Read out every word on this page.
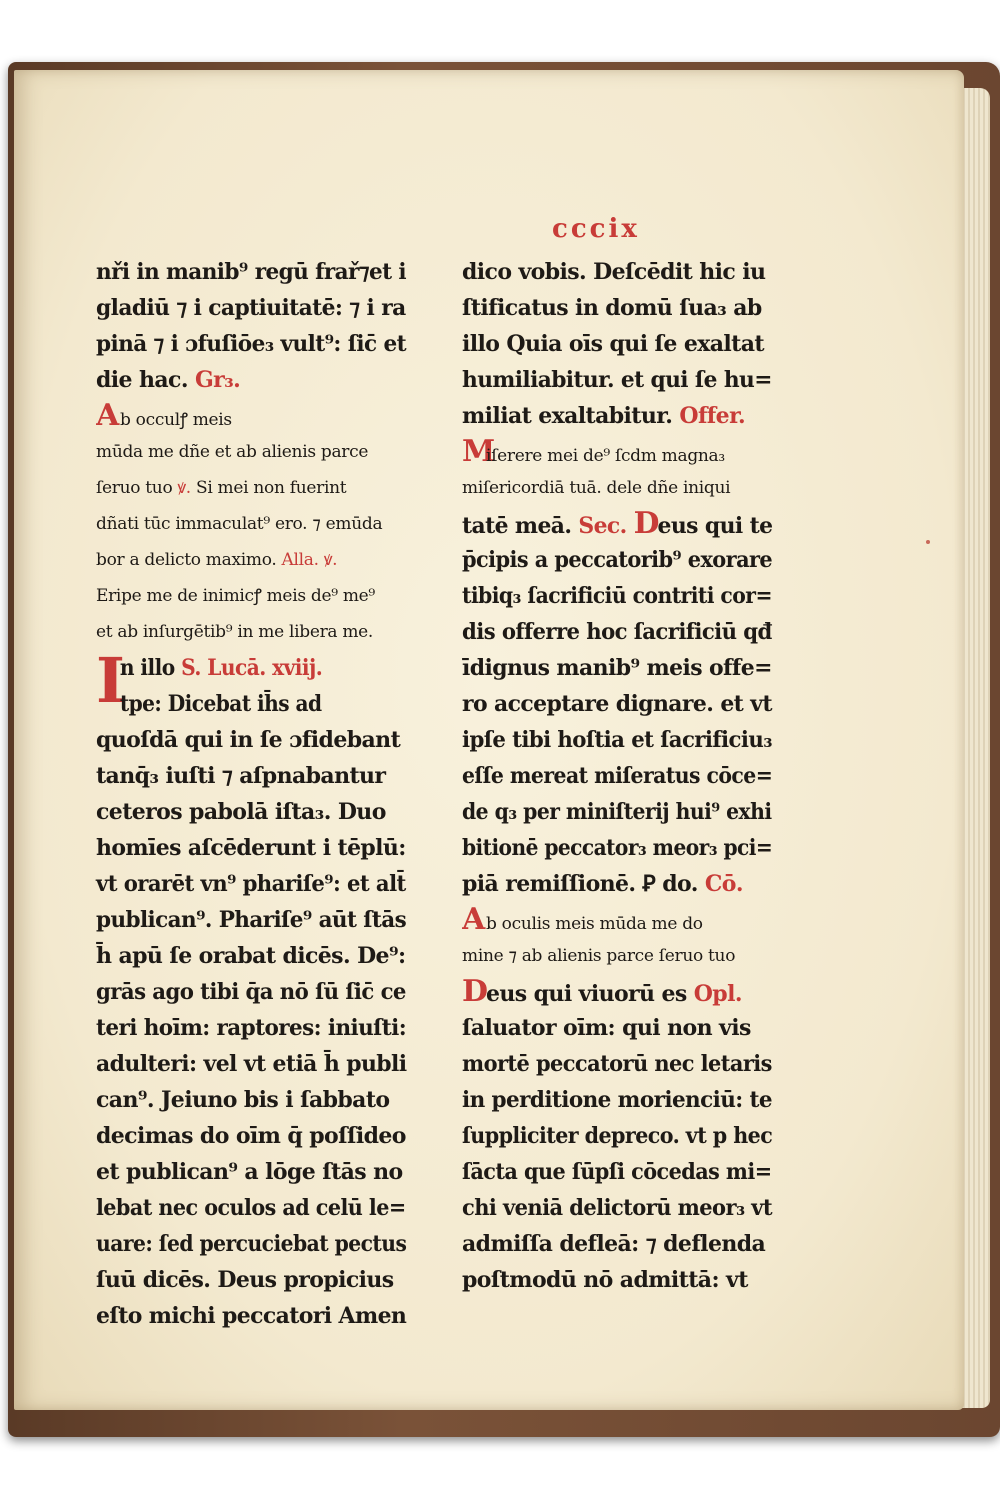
cccix
nři in manib⁹ regū frař⁊et i
gladiū ⁊ i captiuitatē: ⁊ i ra
pinā ⁊ i ɔfuſiōe₃ vult⁹: ſic̄ et
die hac. Gr₃.
Ab occulꝭ meis
mūda me dñe et ab alienis parce
ſeruo tuo ꝟ. Si mei non fuerint
dñati tūc immaculat⁹ ero. ⁊ emūda
bor a delicto maximo. Alla. ꝟ.
Eripe me de inimicꝭ meis de⁹ me⁹
et ab inſurgētib⁹ in me libera me.
I
n illo S. Lucā. xviij.
tpe: Dicebat ih̄s ad
quoſdā qui in ſe ɔfidebant
tanq̄₃ iuſti ⁊ aſpnabantur
ceteros pabolā iſta₃. Duo
homīes aſcēderunt i tēplū:
vt orarēt vn⁹ phariſe⁹: et alt̄
publican⁹. Phariſe⁹ aūt ſtās
h̄ apū ſe orabat dicēs. De⁹:
grās ago tibi q̄a nō ſū ſic̄ ce
teri hoīm: raptores: iniuſti:
adulteri: vel vt etiā h̄ publi
can⁹. Jeiuno bis i ſabbato
decimas do oīm q̄ poſſideo
et publican⁹ a lōge ſtās no
lebat nec oculos ad celū le=
uare: ſed percuciebat pectus
ſuū dicēs. Deus propicius
eſto michi peccatori Amen
dico vobis. Deſcēdit hic iu
ſtificatus in domū ſua₃ ab
illo Quia oīs qui ſe exaltat
humiliabitur. et qui ſe hu=
miliat exaltabitur. Offer.
Miſerere mei de⁹ ſcdm magna₃
miſericordiā tuā. dele dñe iniqui
tatē meā. Sec. Deus qui te
p̄cipis a peccatorib⁹ exorare
tibiq₃ ſacrificiū contriti cor=
dis offerre hoc ſacrificiū qđ
īdignus manib⁹ meis offe=
ro acceptare dignare. et vt
ipſe tibi hoſtia et ſacrificiu₃
eſſe mereat miſeratus cōce=
de q₃ per miniſterij hui⁹ exhi
bitionē peccator₃ meor₃ pci=
piā remiſſionē. Ꝑ do. Cō.
Ab oculis meis mūda me do
mine ⁊ ab alienis parce ſeruo tuo
Deus qui viuorū es Opl.
ſaluator oīm: qui non vis
mortē peccatorū nec letaris
in perditione morienciū: te
ſuppliciter depreco. vt p hec
ſācta que ſūpſi cōcedas mi=
chi veniā delictorū meor₃ vt
admiſſa defleā: ⁊ deflenda
poſtmodū nō admittā: vt
